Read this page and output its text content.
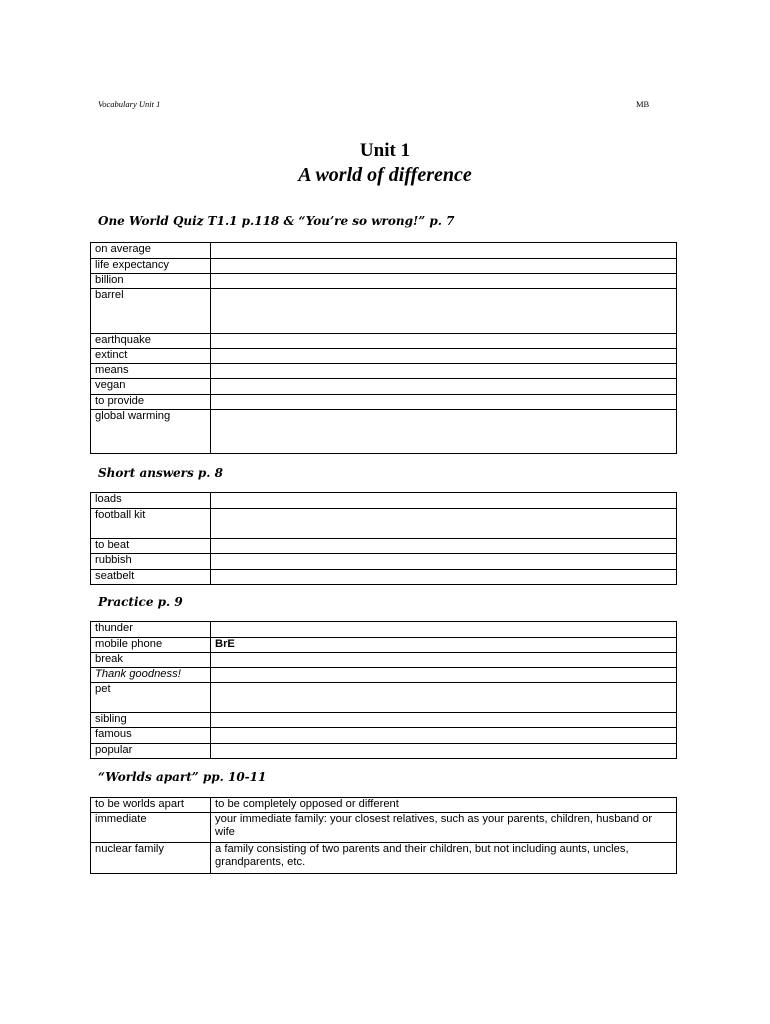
Vocabulary Unit 1	MB
Unit 1
A world of difference
One World Quiz T1.1 p.118 & “You’re so wrong!” p. 7
on average	
life expectancy	
billion	
barrel	
earthquake	
extinct	
means	
vegan	
to provide	
global warming	
Short answers p. 8
loads	
football kit	
to beat	
rubbish	
seatbelt	
Practice p. 9
thunder	
mobile phone	BrE
break	
Thank goodness!	
pet	
sibling	
famous	
popular	
“Worlds apart” pp. 10-11
to be worlds apart	to be completely opposed or different
immediate	your immediate family: your closest relatives, such as your parents, children, husband or wife
nuclear family	a family consisting of two parents and their children, but not including aunts, uncles, grandparents, etc.
